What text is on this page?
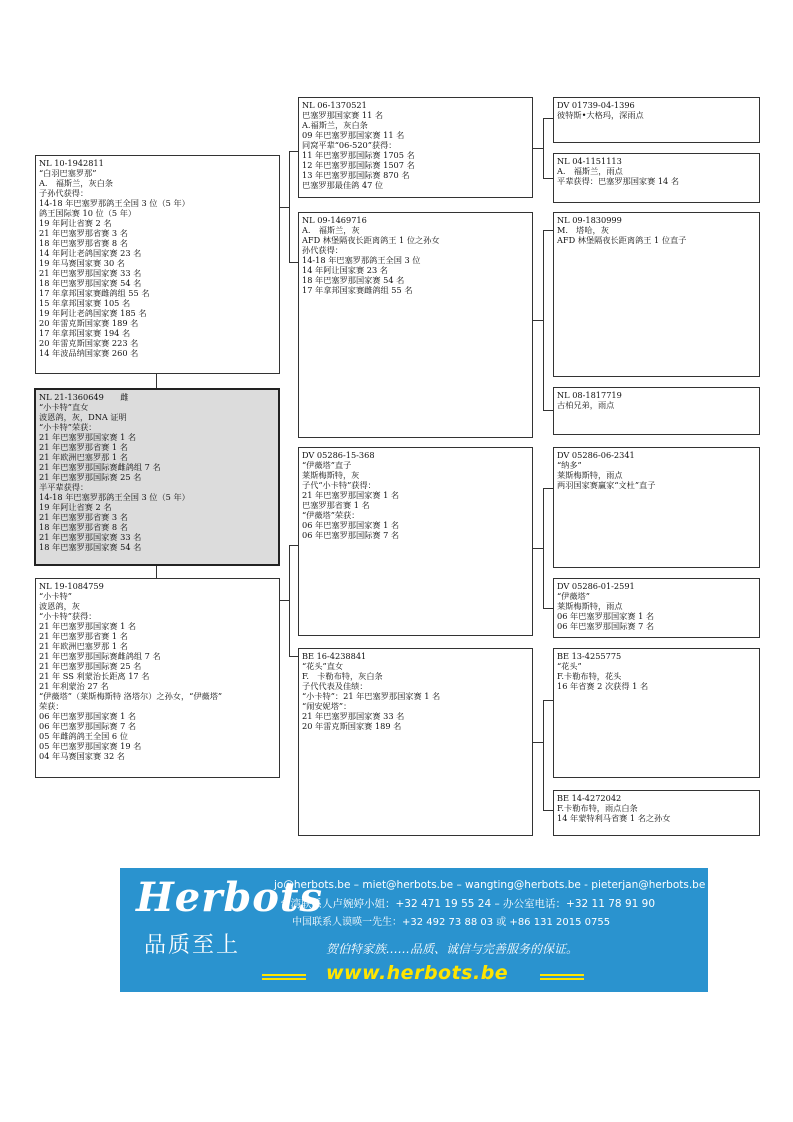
NL 10-1942811
“白羽巴塞罗那”
A.　福斯兰，灰白条
子孙代获得：
14-18 年巴塞罗那鸽王全国 3 位（5 年）
鸽王国际赛 10 位（5 年）
19 年阿让省赛 2 名
21 年巴塞罗那省赛 3 名
18 年巴塞罗那省赛 8 名
14 年阿让老鸽国家赛 23 名
19 年马赛国家赛 30 名
21 年巴塞罗那国家赛 33 名
18 年巴塞罗那国家赛 54 名
17 年拿邦国家赛雌鸽组 55 名
15 年拿邦国家赛 105 名
19 年阿让老鸽国家赛 185 名
20 年雷克斯国家赛 189 名
17 年拿邦国家赛 194 名
20 年雷克斯国家赛 223 名
14 年波品纳国家赛 260 名
NL 21-1360649　　雌
“小卡特”直女
波恩鸽，灰，DNA 证明
“小卡特”荣获：
21 年巴塞罗那国家赛 1 名
21 年巴塞罗那省赛 1 名
21 年欧洲巴塞罗那 1 名
21 年巴塞罗那国际赛雌鸽组 7 名
21 年巴塞罗那国际赛 25 名
半平辈获得：
14-18 年巴塞罗那鸽王全国 3 位（5 年）
19 年阿让省赛 2 名
21 年巴塞罗那省赛 3 名
18 年巴塞罗那省赛 8 名
21 年巴塞罗那国家赛 33 名
18 年巴塞罗那国家赛 54 名
NL 19-1084759
“小卡特”
波恩鸽，灰
“小卡特”获得：
21 年巴塞罗那国家赛 1 名
21 年巴塞罗那省赛 1 名
21 年欧洲巴塞罗那 1 名
21 年巴塞罗那国际赛雌鸽组 7 名
21 年巴塞罗那国际赛 25 名
21 年 SS 利蒙治长距离 17 名
21 年利蒙治 27 名
“伊薇塔”（莱斯梅斯特 洛塔尔）之孙女，“伊薇塔”
荣获：
06 年巴塞罗那国家赛 1 名
06 年巴塞罗那国际赛 7 名
05 年雌鸽鸽王全国 6 位
05 年巴塞罗那国家赛 19 名
04 年马赛国家赛 32 名
NL 06-1370521
巴塞罗那国家赛 11 名
A.福斯兰，灰白条
09 年巴塞罗那国家赛 11 名
同窝平辈“06-520”获得：
11 年巴塞罗那国际赛 1705 名
12 年巴塞罗那国际赛 1507 名
13 年巴塞罗那国际赛 870 名
巴塞罗那最佳鸽 47 位
NL 09-1469716
A.　福斯兰，灰
AFD 林堡隔夜长距离鸽王 1 位之孙女
孙代获得：
14-18 年巴塞罗那鸽王全国 3 位
14 年阿让国家赛 23 名
18 年巴塞罗那国家赛 54 名
17 年拿邦国家赛雌鸽组 55 名
DV 05286-15-368
“伊薇塔”直子
莱斯梅斯特，灰
子代“小卡特”获得：
21 年巴塞罗那国家赛 1 名
巴塞罗那省赛 1 名
“伊薇塔”荣获：
06 年巴塞罗那国家赛 1 名
06 年巴塞罗那国际赛 7 名
BE 16-4238841
“花头”直女
F.　卡勒布特，灰白条
子代代表及佳绩：
“小卡特”：21 年巴塞罗那国家赛 1 名
“闹安妮塔”：
21 年巴塞罗那国家赛 33 名
20 年雷克斯国家赛 189 名
DV 01739-04-1396
彼特斯•大格玛，深雨点
NL 04-1151113
A.　福斯兰，雨点
平辈获得：巴塞罗那国家赛 14 名
NL 09-1830999
M.　塔哈，灰
AFD 林堡隔夜长距离鸽王 1 位直子
NL 08-1817719
古柏兄弟，雨点
DV 05286-06-2341
“纳多”
莱斯梅斯特，雨点
两羽国家赛赢家“文杜”直子
DV 05286-01-2591
“伊薇塔”
莱斯梅斯特，雨点
06 年巴塞罗那国家赛 1 名
06 年巴塞罗那国际赛 7 名
BE 13-4255775
“花头”
F.卡勒布特，花头
16 年省赛 2 次获得 1 名
BE 14-4272042
F.卡勒布特，雨点白条
14 年蒙特利马省赛 1 名之孙女
Herbots
品质至上
jo@herbots.be – miet@herbots.be – wangting@herbots.be - pieterjan@herbots.be
台湾联系人卢婉婷小姐：+32 471 19 55 24 – 办公室电话：+32 11 78 91 90
中国联系人谟暎一先生：+32 492 73 88 03 或 +86 131 2015 0755
贺伯特家族……品质、诚信与完善服务的保证。
www.herbots.be
